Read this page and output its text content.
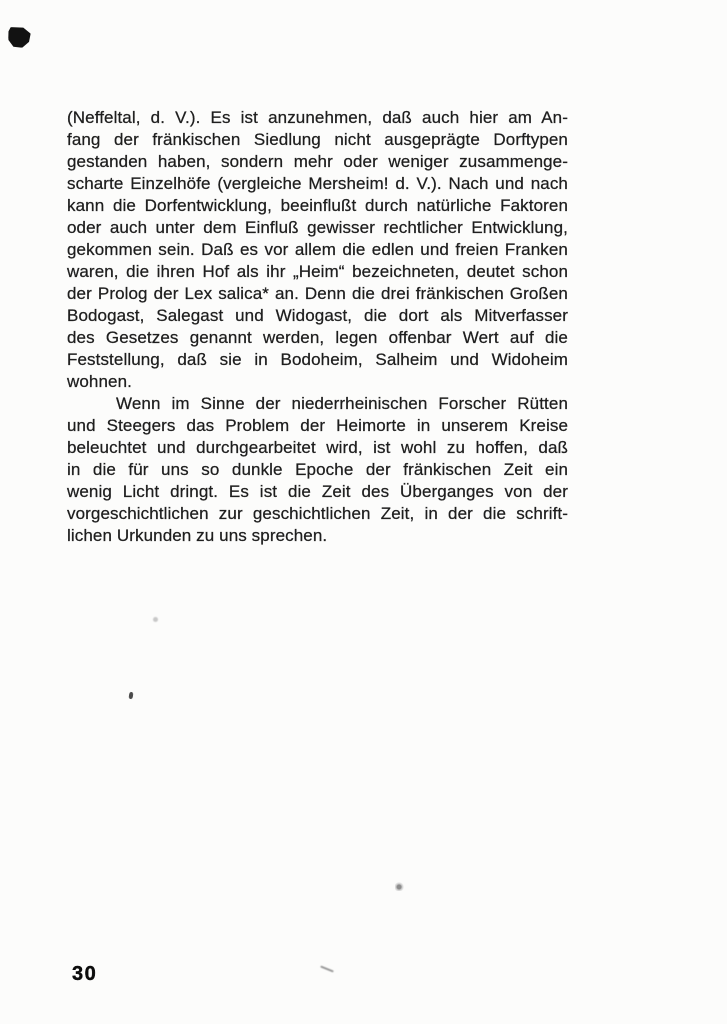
(Neffeltal, d. V.). Es ist anzunehmen, daß auch hier am An-
fang der fränkischen Siedlung nicht ausgeprägte Dorftypen
gestanden haben, sondern mehr oder weniger zusammenge-
scharte Einzelhöfe (vergleiche Mersheim! d. V.). Nach und nach
kann die Dorfentwicklung, beeinflußt durch natürliche Faktoren
oder auch unter dem Einfluß gewisser rechtlicher Entwicklung,
gekommen sein. Daß es vor allem die edlen und freien Franken
waren, die ihren Hof als ihr „Heim“ bezeichneten, deutet schon
der Prolog der Lex salica* an. Denn die drei fränkischen Großen
Bodogast, Salegast und Widogast, die dort als Mitverfasser
des Gesetzes genannt werden, legen offenbar Wert auf die
Feststellung, daß sie in Bodoheim, Salheim und Widoheim
wohnen.
Wenn im Sinne der niederrheinischen Forscher Rütten
und Steegers das Problem der Heimorte in unserem Kreise
beleuchtet und durchgearbeitet wird, ist wohl zu hoffen, daß
in die für uns so dunkle Epoche der fränkischen Zeit ein
wenig Licht dringt. Es ist die Zeit des Überganges von der
vorgeschichtlichen zur geschichtlichen Zeit, in der die schrift-
lichen Urkunden zu uns sprechen.
30
